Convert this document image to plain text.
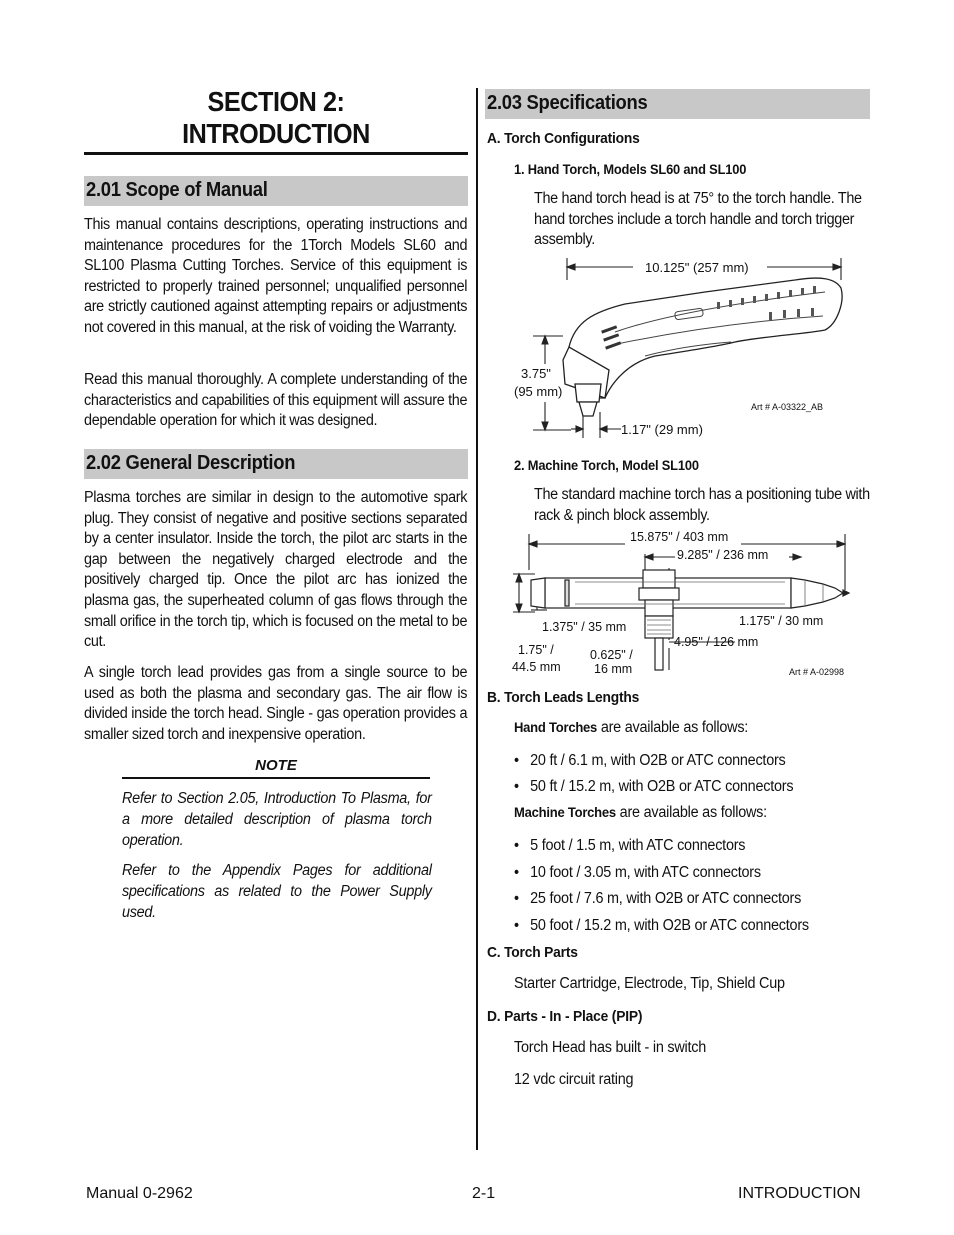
SECTION 2:
INTRODUCTION
2.01 Scope of Manual
This manual contains descriptions, operating instructions and maintenance procedures for the 1Torch Models SL60 and SL100 Plasma Cutting Torches. Service of this equipment is restricted to properly trained personnel; unqualified personnel are strictly cautioned against attempting repairs or adjustments not covered in this manual, at the risk of voiding the Warranty.
Read this manual thoroughly. A complete understanding of the characteristics and capabilities of this equipment will assure the dependable operation for which it was designed.
2.02 General Description
Plasma torches are similar in design to the automotive spark plug. They consist of negative and positive sections separated by a center insulator. Inside the torch, the pilot arc starts in the gap between the negatively charged electrode and the positively charged tip. Once the pilot arc has ionized the plasma gas, the superheated column of gas flows through the small orifice in the torch tip, which is focused on the metal to be cut.
A single torch lead provides gas from a single source to be used as both the plasma and secondary gas. The air flow is divided inside the torch head. Single - gas operation provides a smaller sized torch and inexpensive operation.
NOTE
Refer to Section 2.05, Introduction To Plasma, for a more detailed description of plasma torch operation.
Refer to the Appendix Pages for additional specifications as related to the Power Supply used.
2.03 Specifications
A. Torch Configurations
1. Hand Torch, Models SL60 and SL100
The hand torch head is at 75° to the torch handle. The hand torches include a torch handle and torch trigger assembly.
10.125" (257 mm)
3.75"
(95 mm)
1.17" (29 mm)
Art # A-03322_AB
2. Machine Torch, Model SL100
The standard machine torch has a positioning tube with rack & pinch block assembly.
15.875" / 403 mm
9.285" / 236 mm
1.375" / 35 mm
1.75" /
44.5 mm
0.625" /
16 mm
4.95" / 126 mm
1.175" / 30 mm
Art # A-02998
B. Torch Leads Lengths
Hand Torches are available as follows:
•   20 ft / 6.1 m, with O2B or ATC connectors
•   50 ft / 15.2 m, with O2B or ATC connectors
Machine Torches are available as follows:
•   5 foot / 1.5 m, with ATC connectors
•   10 foot / 3.05 m, with ATC connectors
•   25 foot / 7.6 m, with O2B or ATC connectors
•   50 foot / 15.2 m, with O2B or ATC connectors
C. Torch Parts
Starter Cartridge, Electrode, Tip, Shield Cup
D. Parts - In - Place (PIP)
Torch Head has built - in switch
12 vdc circuit rating
Manual 0-2962	2-1	INTRODUCTION
